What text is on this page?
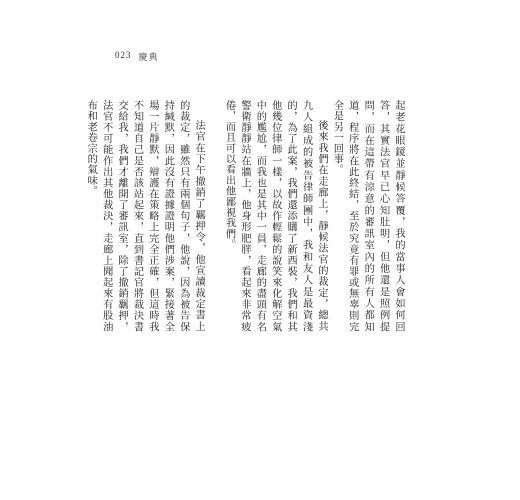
023 慶典

起老花眼鏡並靜候答覆，我的當事人會如何回答，其實法官早已心知肚明，但他還是照例提問，而在這帶有涼意的審訊室內的所有人都知道，程序將在此終結，至於究竟有罪或無辜則完全是另一回事。

後來我們在走廊上，靜候法官的裁定，總共九人組成的被告律師團中，我和友人是最資淺的，為了此案，我們還添購了新西裝，我們和其他幾位律師一樣，以故作輕鬆的說笑來化解空氣中的尷尬，而我也是其中一員，走廊的盡頭有名警衛靜靜站在牆上，他身形肥胖，看起來非常疲倦，而且可以看出他鄙視我們。

法官在下午撤銷了羈押令，他宣讀裁定書上的裁定，雖然只有兩個句子，他說，因為被告保持緘默，因此沒有證據證明他們涉案，緊接著全場一片靜默，辯護在策略上完全正確，但這時我不知道自己是否該站起來，直到書記官將裁決書交給我，我們才離開了審訊室，除了撤銷羈押，法官不可能作出其他裁決，走廊上聞起來有股油布和老卷宗的氣味。
